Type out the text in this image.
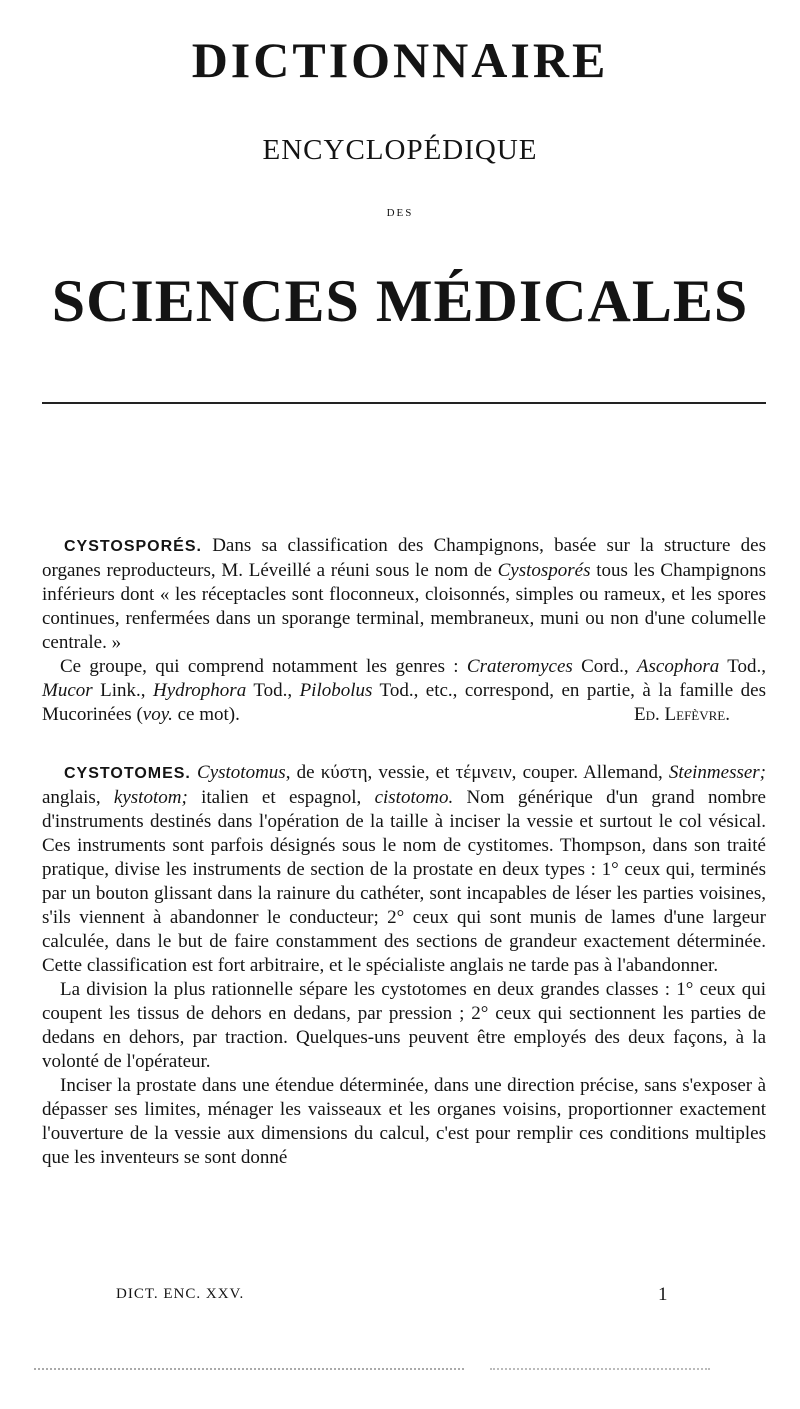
DICTIONNAIRE
ENCYCLOPÉDIQUE
DES
SCIENCES MÉDICALES

CYSTOSPORÉS. Dans sa classification des Champignons, basée sur la structure des organes reproducteurs, M. Léveillé a réuni sous le nom de Cystosporés tous les Champignons inférieurs dont « les réceptacles sont floconneux, cloisonnés, simples ou rameux, et les spores continues, renfermées dans un sporange terminal, membraneux, muni ou non d'une columelle centrale. »

Ce groupe, qui comprend notamment les genres : Crateromyces Cord., Ascophora Tod., Mucor Link., Hydrophora Tod., Pilobolus Tod., etc., correspond, en partie, à la famille des Mucorinées (voy. ce mot).	Ed. Lefèvre.

CYSTOTOMES. Cystotomus, de κύστη, vessie, et τέμνειν, couper. Allemand, Steinmesser; anglais, kystotom; italien et espagnol, cistotomo. Nom générique d'un grand nombre d'instruments destinés dans l'opération de la taille à inciser la vessie et surtout le col vésical. Ces instruments sont parfois désignés sous le nom de cystitomes. Thompson, dans son traité pratique, divise les instruments de section de la prostate en deux types : 1° ceux qui, terminés par un bouton glissant dans la rainure du cathéter, sont incapables de léser les parties voisines, s'ils viennent à abandonner le conducteur; 2° ceux qui sont munis de lames d'une largeur calculée, dans le but de faire constamment des sections de grandeur exactement déterminée. Cette classification est fort arbitraire, et le spécialiste anglais ne tarde pas à l'abandonner.

La division la plus rationnelle sépare les cystotomes en deux grandes classes : 1° ceux qui coupent les tissus de dehors en dedans, par pression ; 2° ceux qui sectionnent les parties de dedans en dehors, par traction. Quelques-uns peuvent être employés des deux façons, à la volonté de l'opérateur.

Inciser la prostate dans une étendue déterminée, dans une direction précise, sans s'exposer à dépasser ses limites, ménager les vaisseaux et les organes voisins, proportionner exactement l'ouverture de la vessie aux dimensions du calcul, c'est pour remplir ces conditions multiples que les inventeurs se sont donné

DICT. ENC. XXV.	1
